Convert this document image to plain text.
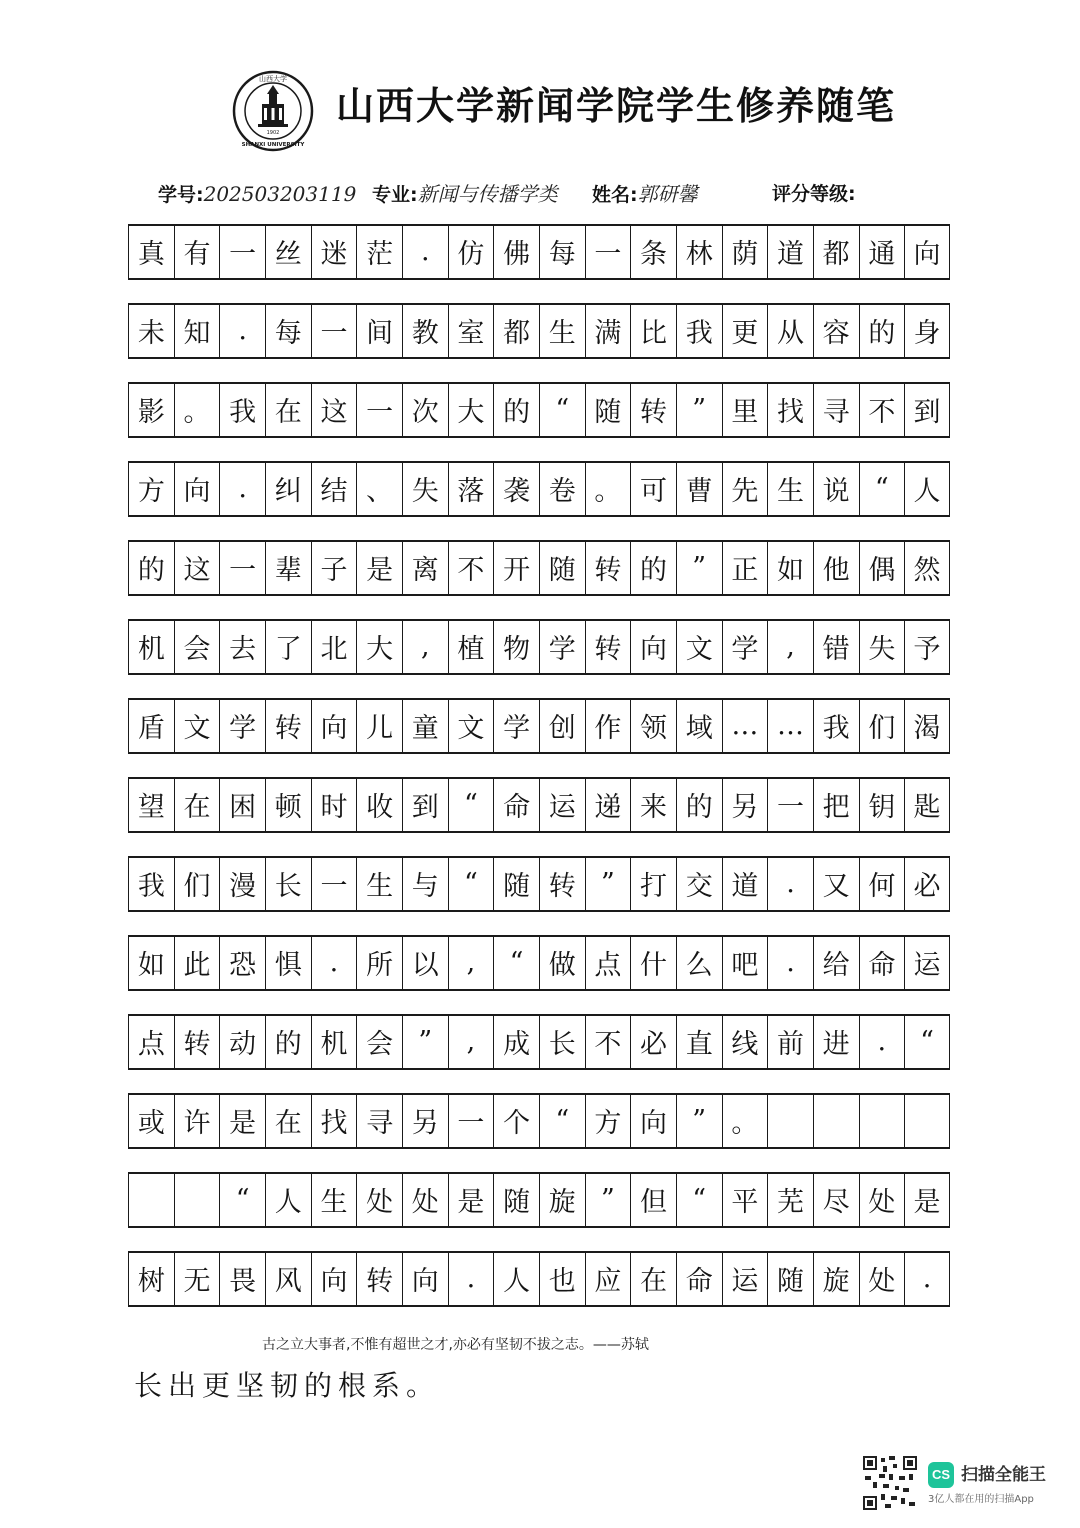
山西大学
SHANXI UNIVERSITY
1902
山西大学新闻学院学生修养随笔
学号:202503203119 专业:新闻与传播学类 姓名:郭研馨	评分等级:
真 有 一 丝 迷 茫	.	仿 佛 每 一 条 林 荫 道 都 通 向
未 知	.	每 一 间 教 室 都 生 满 比 我 更 从 容 的 身
影 。 我 在 这 一 次 大 的 “ 随 转 ” 里 找 寻 不 到
方 向	.	纠 结 、 失 落 袭 卷 。 可 曹 先 生 说 “ 人
的 这 一 辈 子 是 离 不 开 随 转 的 ” 正 如 他 偶 然
机 会 去 了 北 大	,	植 物 学 转 向 文 学	,	错 失 予
盾 文 学 转 向 儿 童 文 学 创 作 领 域 … … 我 们 渴
望 在 困 顿 时 收 到 “ 命 运 递 来 的 另 一 把 钥 匙
我 们 漫 长 一 生 与 “ 随 转 ” 打 交 道	.	又 何 必
如 此 恐 惧	.	所 以	,	“ 做 点 什 么 吧	.	给 命 运
点 转 动 的 机 会 ”	,	成 长 不 必 直 线 前 进	.	“
或 许 是 在 找 寻 另 一 个 “ 方 向 ” 。
“ 人 生 处 处 是 随 旋 ” 但 “ 平 芜 尽 处 是
树 无 畏 风 向 转 向	.	人 也 应 在 命 运 随 旋 处	.
古之立大事者,不惟有超世之才,亦必有坚韧不拔之志。——苏轼
长出更坚韧的根系。
CS 扫描全能王
3亿人都在用的扫描App
